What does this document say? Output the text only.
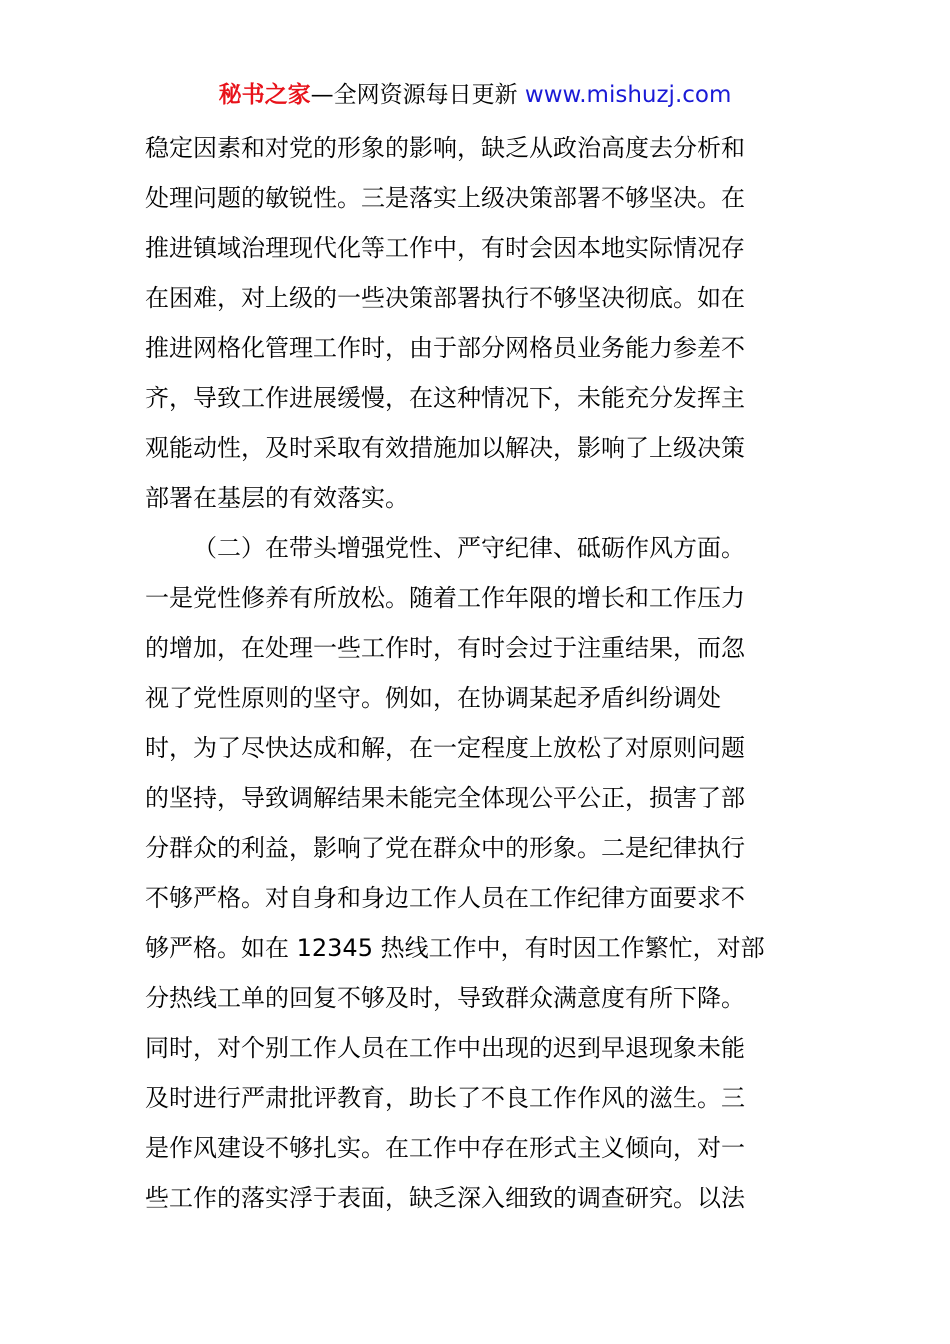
秘书之家—全网资源每日更新 www.mishuzj.com
稳定因素和对党的形象的影响，缺乏从政治高度去分析和
处理问题的敏锐性。三是落实上级决策部署不够坚决。在
推进镇域治理现代化等工作中，有时会因本地实际情况存
在困难，对上级的一些决策部署执行不够坚决彻底。如在
推进网格化管理工作时，由于部分网格员业务能力参差不
齐，导致工作进展缓慢，在这种情况下，未能充分发挥主
观能动性，及时采取有效措施加以解决，影响了上级决策
部署在基层的有效落实。
（二）在带头增强党性、严守纪律、砥砺作风方面。
一是党性修养有所放松。随着工作年限的增长和工作压力
的增加，在处理一些工作时，有时会过于注重结果，而忽
视了党性原则的坚守。例如，在协调某起矛盾纠纷调处
时，为了尽快达成和解，在一定程度上放松了对原则问题
的坚持，导致调解结果未能完全体现公平公正，损害了部
分群众的利益，影响了党在群众中的形象。二是纪律执行
不够严格。对自身和身边工作人员在工作纪律方面要求不
够严格。如在 12345 热线工作中，有时因工作繁忙，对部
分热线工单的回复不够及时，导致群众满意度有所下降。
同时，对个别工作人员在工作中出现的迟到早退现象未能
及时进行严肃批评教育，助长了不良工作作风的滋生。三
是作风建设不够扎实。在工作中存在形式主义倾向，对一
些工作的落实浮于表面，缺乏深入细致的调查研究。以法
